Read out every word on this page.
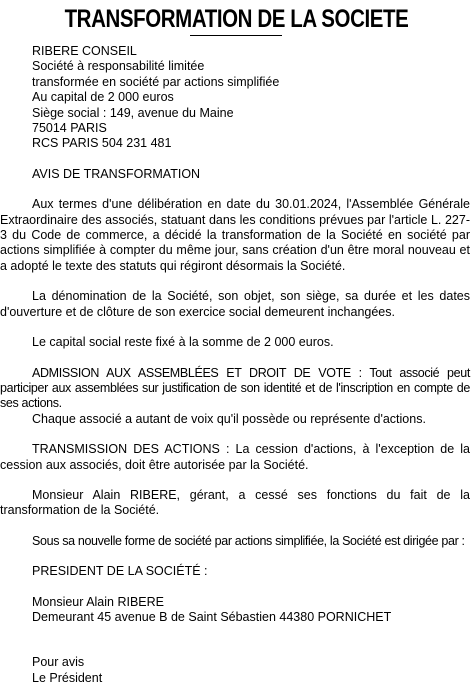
TRANSFORMATION DE LA SOCIETE
RIBERE CONSEIL
Société à responsabilité limitée
transformée en société par actions simplifiée
Au capital de 2 000 euros
Siège social : 149, avenue du Maine
75014 PARIS
RCS PARIS 504 231 481
AVIS DE TRANSFORMATION
Aux termes d'une délibération en date du 30.01.2024, l'Assemblée Générale Extraordinaire des associés, statuant dans les conditions prévues par l'article L. 227-3 du Code de commerce, a décidé la transformation de la Société en société par actions simplifiée à compter du même jour, sans création d'un être moral nouveau et a adopté le texte des statuts qui régiront désormais la Société.
La dénomination de la Société, son objet, son siège, sa durée et les dates d'ouverture et de clôture de son exercice social demeurent inchangées.
Le capital social reste fixé à la somme de 2 000 euros.
ADMISSION AUX ASSEMBLÉES ET DROIT DE VOTE : Tout associé peut participer aux assemblées sur justification de son identité et de l'inscription en compte de ses actions.
Chaque associé a autant de voix qu'il possède ou représente d'actions.
TRANSMISSION DES ACTIONS : La cession d'actions, à l'exception de la cession aux associés, doit être autorisée par la Société.
Monsieur Alain RIBERE, gérant, a cessé ses fonctions du fait de la transformation de la Société.
Sous sa nouvelle forme de société par actions simplifiée, la Société est dirigée par :
PRESIDENT DE LA SOCIÉTÉ :
Monsieur Alain RIBERE
Demeurant 45 avenue B de Saint Sébastien 44380 PORNICHET
Pour avis
Le Président
